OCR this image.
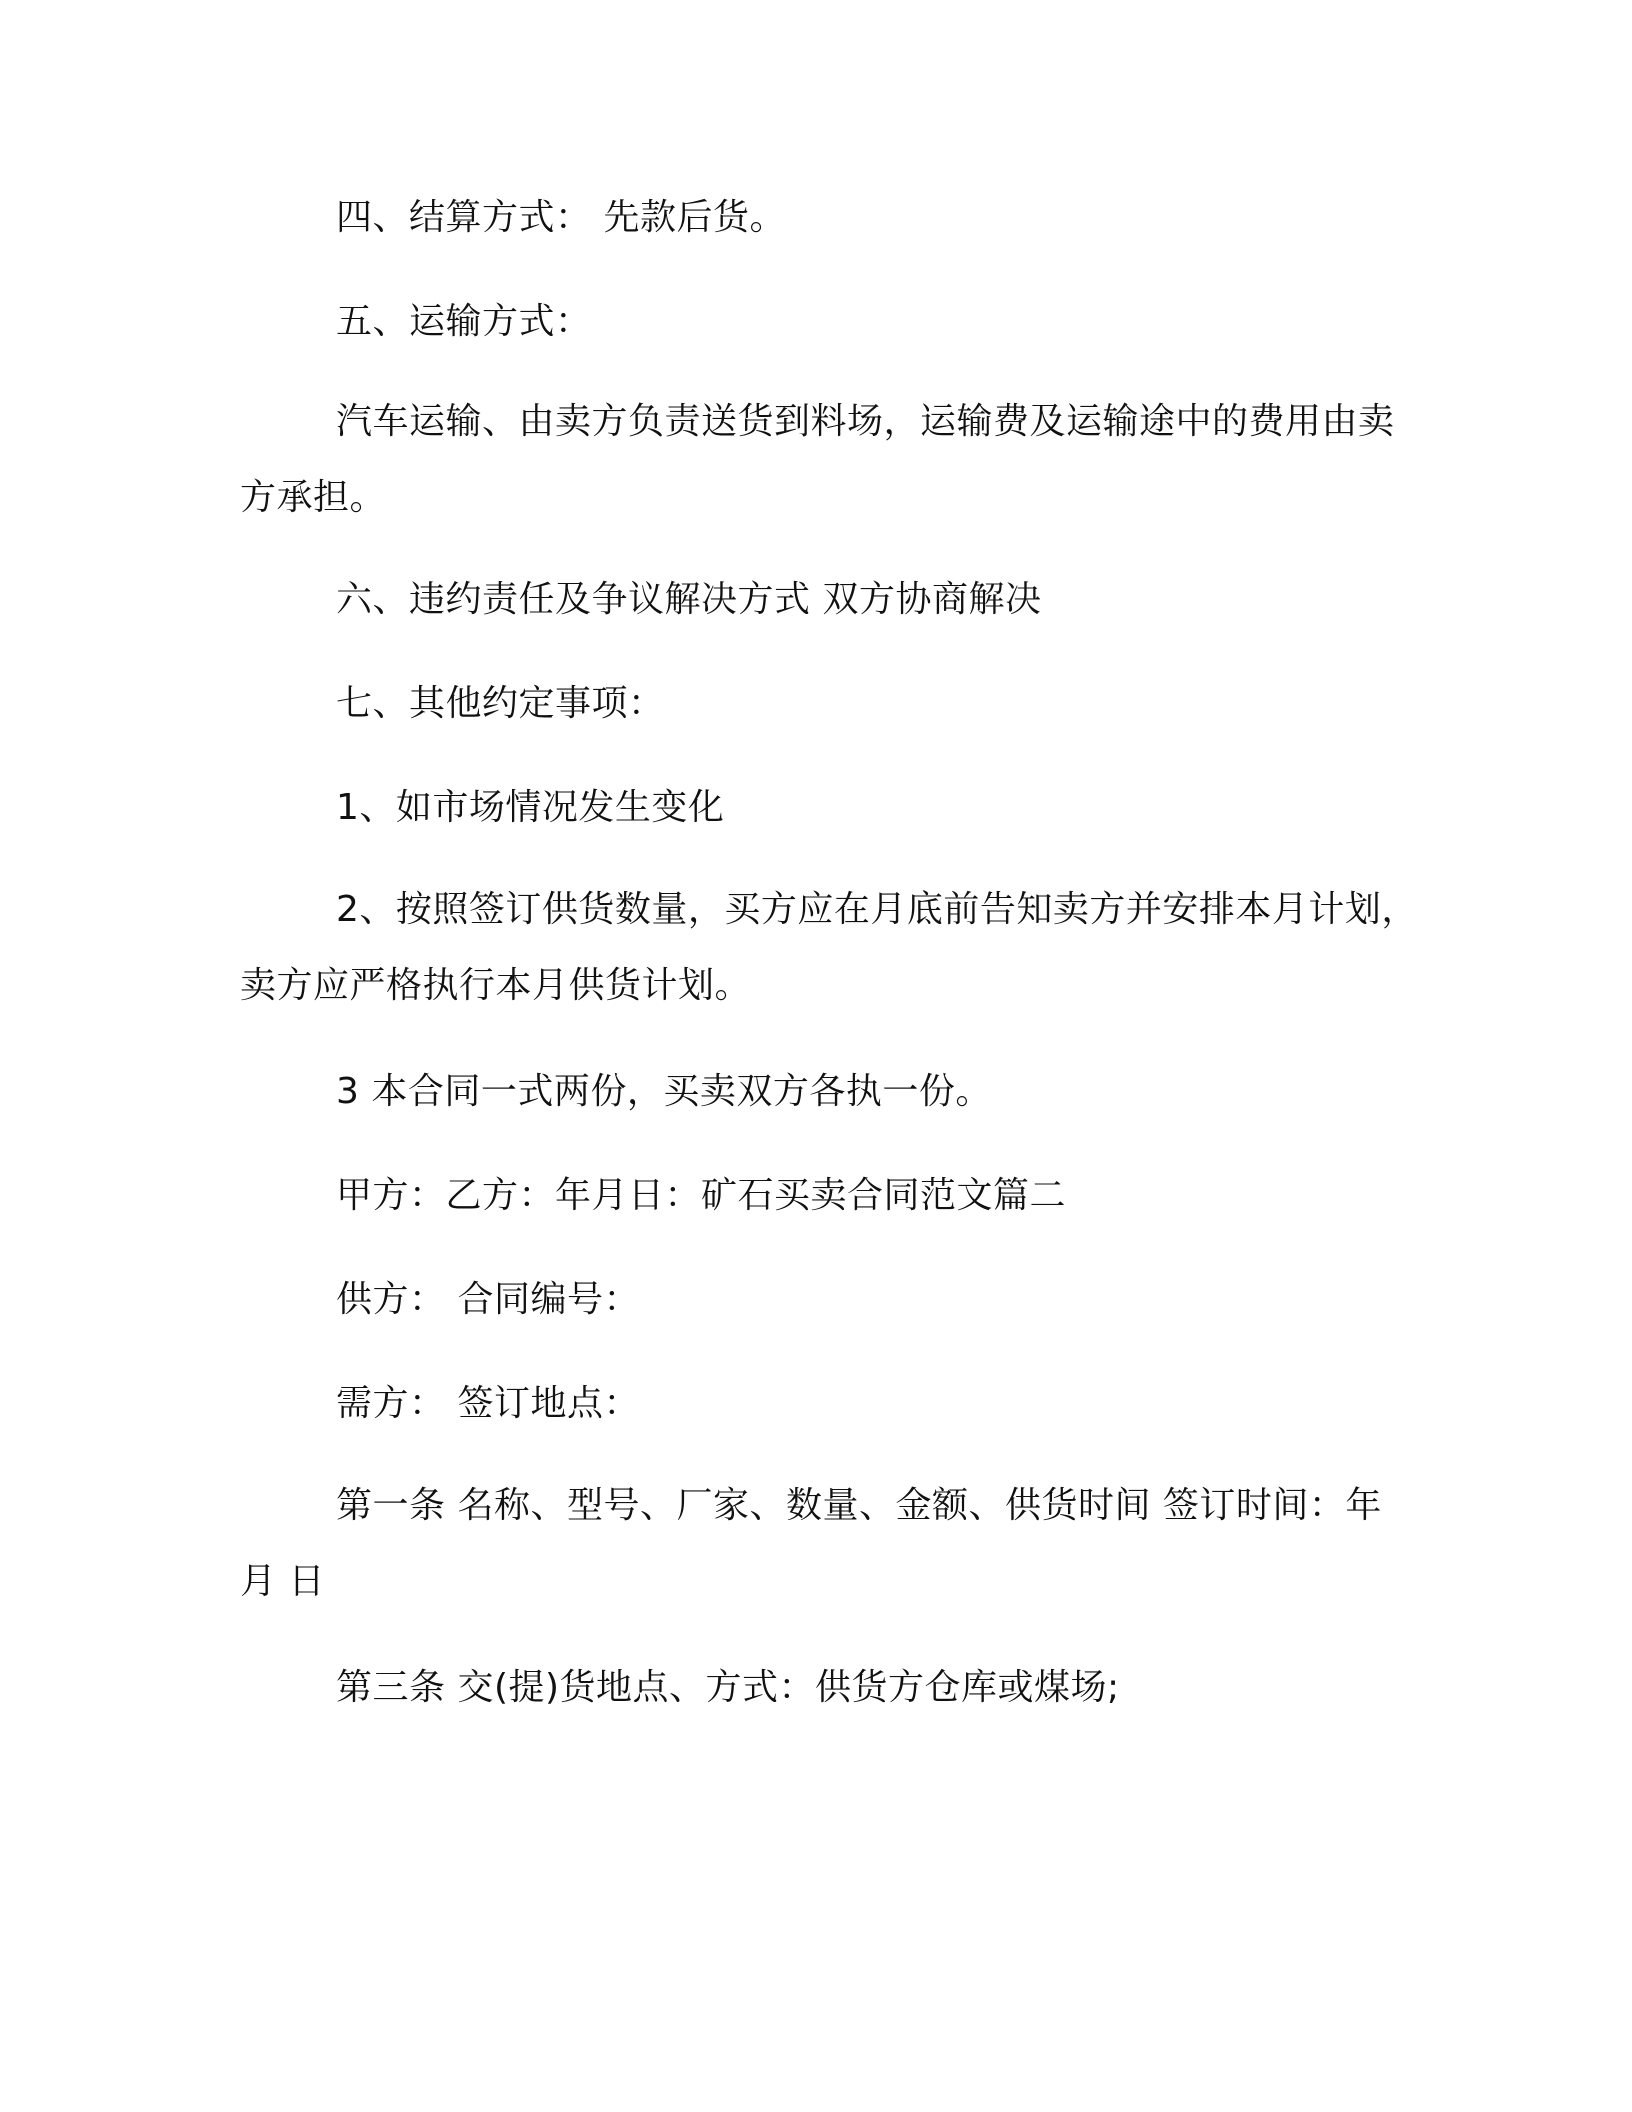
四、结算方式： 先款后货。
五、运输方式：
汽车运输、由卖方负责送货到料场，运输费及运输途中的费用由卖方承担。
六、违约责任及争议解决方式 双方协商解决
七、其他约定事项：
1、如市场情况发生变化
2、按照签订供货数量，买方应在月底前告知卖方并安排本月计划，卖方应严格执行本月供货计划。
3 本合同一式两份，买卖双方各执一份。
甲方：乙方：年月日：矿石买卖合同范文篇二
供方： 合同编号：
需方： 签订地点：
第一条 名称、型号、厂家、数量、金额、供货时间 签订时间：年 月 日
第三条 交(提)货地点、方式：供货方仓库或煤场;
